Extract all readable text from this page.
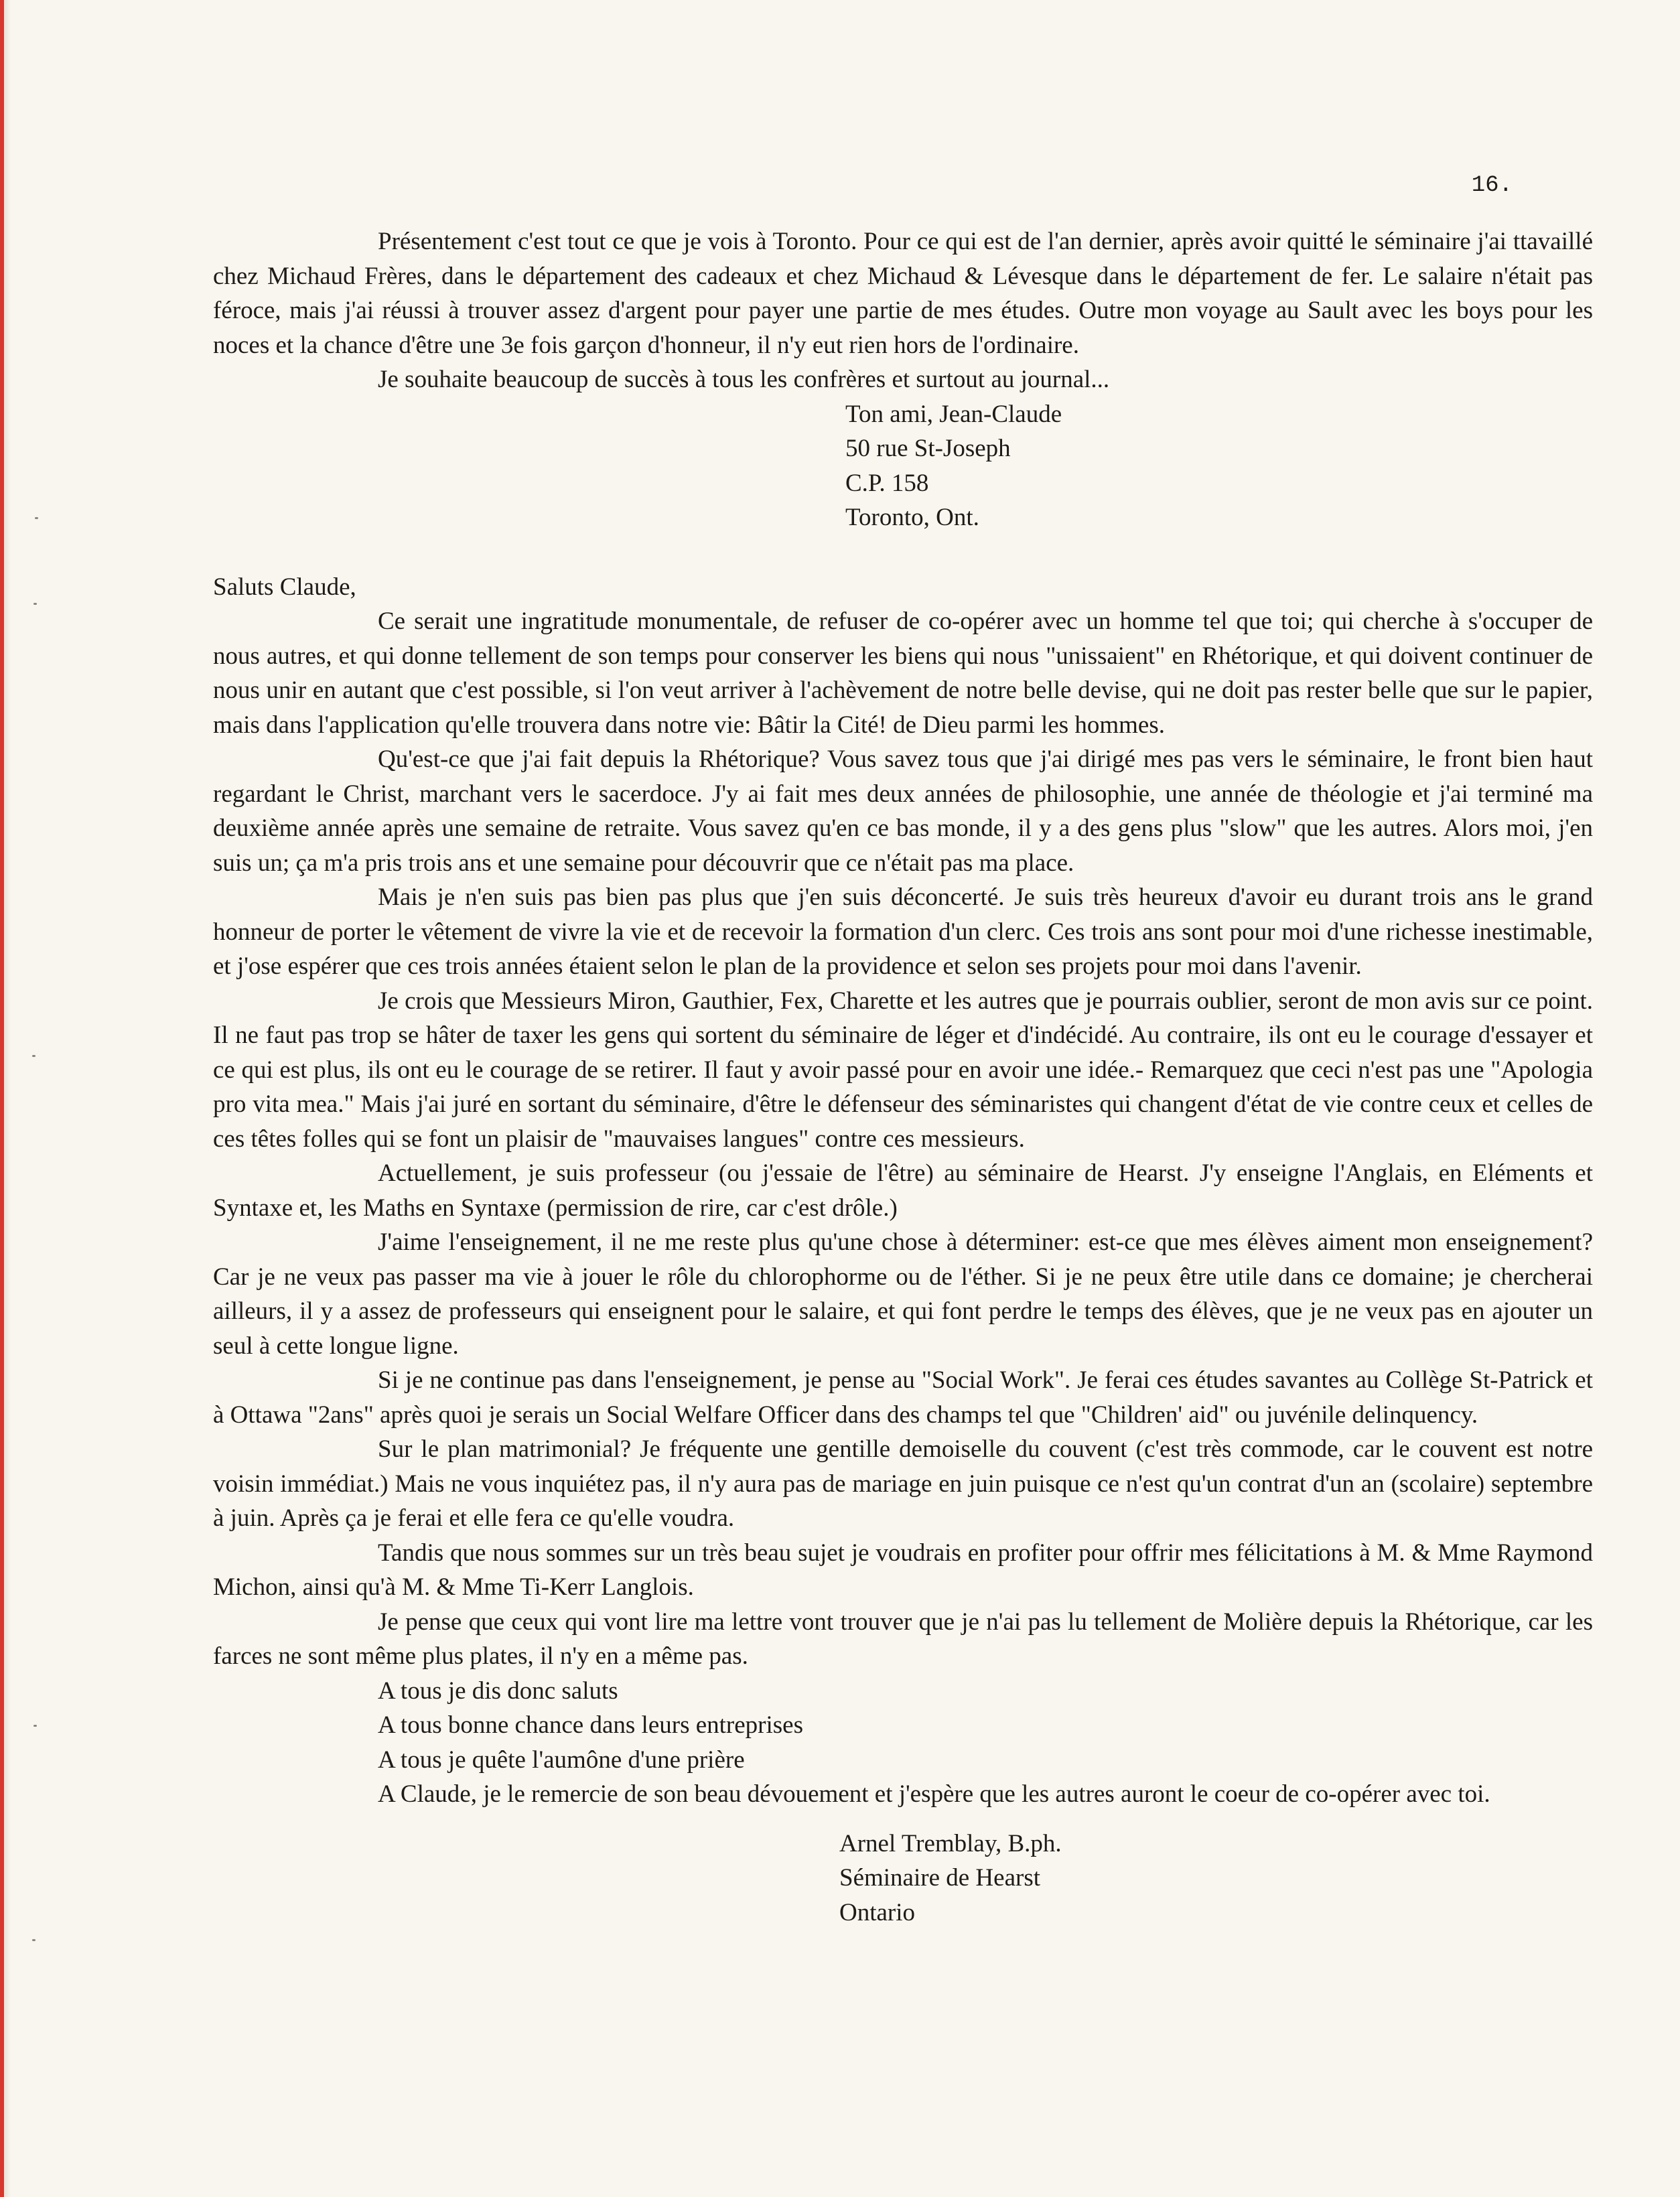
16.

Présentement c'est tout ce que je vois à Toronto. Pour ce qui est de l'an dernier, après avoir quitté le séminaire j'ai ttavaillé chez Michaud Frères, dans le département des cadeaux et chez Michaud & Lévesque dans le département de fer. Le salaire n'était pas féroce, mais j'ai réussi à trouver assez d'argent pour payer une partie de mes études. Outre mon voyage au Sault avec les boys pour les noces et la chance d'être une 3e fois garçon d'honneur, il n'y eut rien hors de l'ordinaire.

Je souhaite beaucoup de succès à tous les confrères et surtout au journal...

Ton ami, Jean-Claude

50 rue St-Joseph

C.P. 158

Toronto, Ont.

Saluts Claude,

Ce serait une ingratitude monumentale, de refuser de co-opérer avec un homme tel que toi; qui cherche à s'occuper de nous autres, et qui donne tellement de son temps pour conserver les biens qui nous "unissaient" en Rhétorique, et qui doivent continuer de nous unir en autant que c'est possible, si l'on veut arriver à l'achèvement de notre belle devise, qui ne doit pas rester belle que sur le papier, mais dans l'application qu'elle trouvera dans notre vie: Bâtir la Cité! de Dieu parmi les hommes.

Qu'est-ce que j'ai fait depuis la Rhétorique? Vous savez tous que j'ai dirigé mes pas vers le séminaire, le front bien haut regardant le Christ, marchant vers le sacerdoce. J'y ai fait mes deux années de philosophie, une année de théologie et j'ai terminé ma deuxième année après une semaine de retraite. Vous savez qu'en ce bas monde, il y a des gens plus "slow" que les autres. Alors moi, j'en suis un; ça m'a pris trois ans et une semaine pour découvrir que ce n'était pas ma place.

Mais je n'en suis pas bien pas plus que j'en suis déconcerté. Je suis très heureux d'avoir eu durant trois ans le grand honneur de porter le vêtement de vivre la vie et de recevoir la formation d'un clerc. Ces trois ans sont pour moi d'une richesse inestimable, et j'ose espérer que ces trois années étaient selon le plan de la providence et selon ses projets pour moi dans l'avenir.

Je crois que Messieurs Miron, Gauthier, Fex, Charette et les autres que je pourrais oublier, seront de mon avis sur ce point. Il ne faut pas trop se hâter de taxer les gens qui sortent du séminaire de léger et d'indécidé. Au contraire, ils ont eu le courage d'essayer et ce qui est plus, ils ont eu le courage de se retirer. Il faut y avoir passé pour en avoir une idée.- Remarquez que ceci n'est pas une "Apologia pro vita mea." Mais j'ai juré en sortant du séminaire, d'être le défenseur des séminaristes qui changent d'état de vie contre ceux et celles de ces têtes folles qui se font un plaisir de "mauvaises langues" contre ces messieurs.

Actuellement, je suis professeur (ou j'essaie de l'être) au séminaire de Hearst. J'y enseigne l'Anglais, en Eléments et Syntaxe et, les Maths en Syntaxe (permission de rire, car c'est drôle.)

J'aime l'enseignement, il ne me reste plus qu'une chose à déterminer: est-ce que mes élèves aiment mon enseignement? Car je ne veux pas passer ma vie à jouer le rôle du chlorophorme ou de l'éther. Si je ne peux être utile dans ce domaine; je chercherai ailleurs, il y a assez de professeurs qui enseignent pour le salaire, et qui font perdre le temps des élèves, que je ne veux pas en ajouter un seul à cette longue ligne.

Si je ne continue pas dans l'enseignement, je pense au "Social Work". Je ferai ces études savantes au Collège St-Patrick et à Ottawa "2ans" après quoi je serais un Social Welfare Officer dans des champs tel que "Children' aid" ou juvénile delinquency.

Sur le plan matrimonial? Je fréquente une gentille demoiselle du couvent (c'est très commode, car le couvent est notre voisin immédiat.) Mais ne vous inquiétez pas, il n'y aura pas de mariage en juin puisque ce n'est qu'un contrat d'un an (scolaire) septembre à juin. Après ça je ferai et elle fera ce qu'elle voudra.

Tandis que nous sommes sur un très beau sujet je voudrais en profiter pour offrir mes félicitations à M. & Mme Raymond Michon, ainsi qu'à M. & Mme Ti-Kerr Langlois.

Je pense que ceux qui vont lire ma lettre vont trouver que je n'ai pas lu tellement de Molière depuis la Rhétorique, car les farces ne sont même plus plates, il n'y en a même pas.

A tous je dis donc saluts

A tous bonne chance dans leurs entreprises

A tous je quête l'aumône d'une prière

A Claude, je le remercie de son beau dévouement et j'espère que les autres auront le coeur de co-opérer avec toi.

Arnel Tremblay, B.ph.

Séminaire de Hearst

Ontario
